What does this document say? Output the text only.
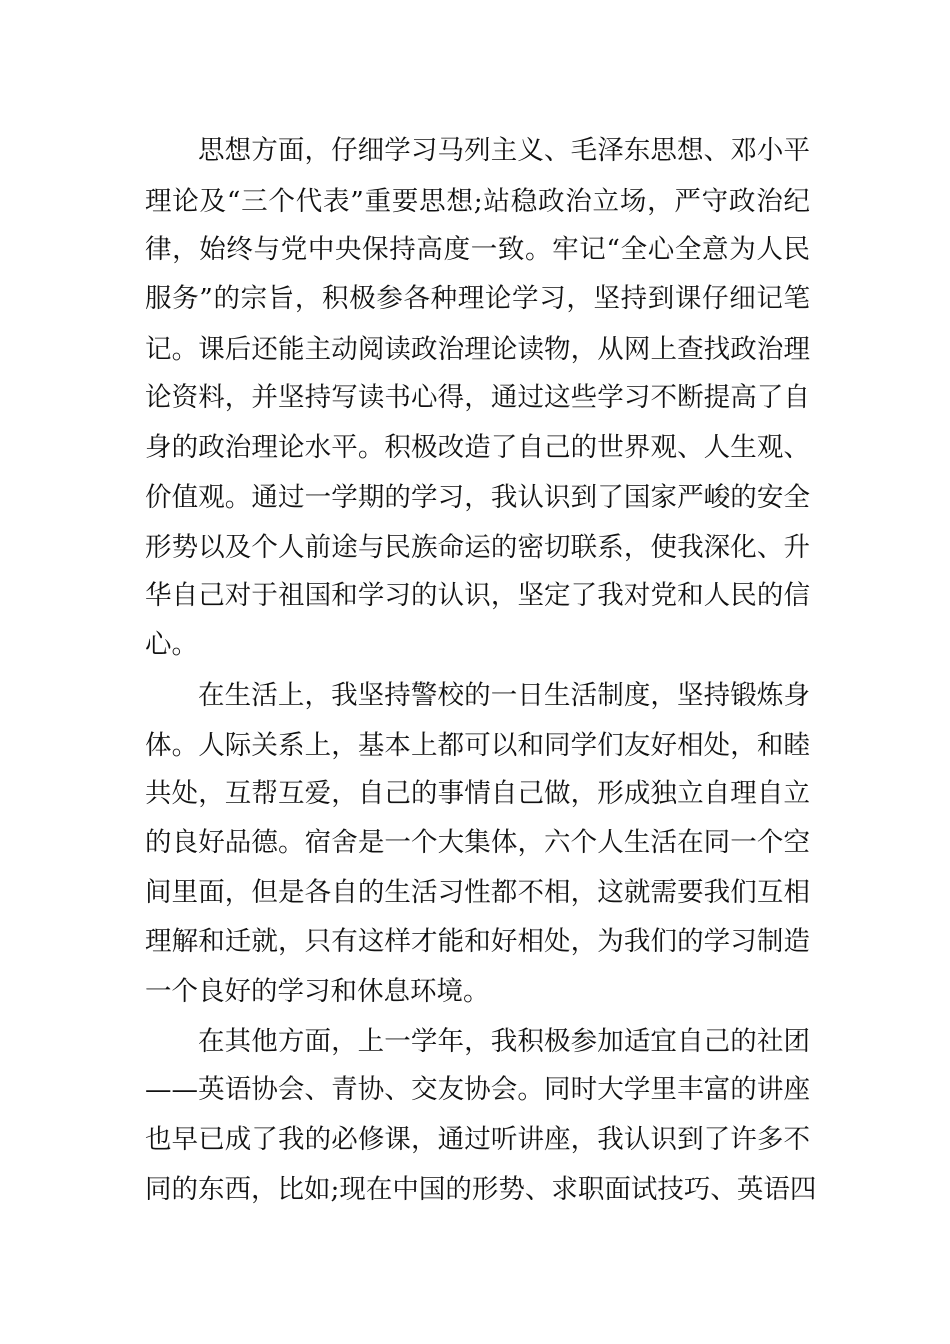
思想方面，仔细学习马列主义、毛泽东思想、邓小平
理论及“三个代表”重要思想;站稳政治立场，严守政治纪
律，始终与党中央保持高度一致。牢记“全心全意为人民
服务”的宗旨，积极参各种理论学习，坚持到课仔细记笔
记。课后还能主动阅读政治理论读物，从网上查找政治理
论资料，并坚持写读书心得，通过这些学习不断提高了自
身的政治理论水平。积极改造了自己的世界观、人生观、
价值观。通过一学期的学习，我认识到了国家严峻的安全
形势以及个人前途与民族命运的密切联系，使我深化、升
华自己对于祖国和学习的认识，坚定了我对党和人民的信
心。
在生活上，我坚持警校的一日生活制度，坚持锻炼身
体。人际关系上，基本上都可以和同学们友好相处，和睦
共处，互帮互爱，自己的事情自己做，形成独立自理自立
的良好品德。宿舍是一个大集体，六个人生活在同一个空
间里面，但是各自的生活习性都不相，这就需要我们互相
理解和迁就，只有这样才能和好相处，为我们的学习制造
一个良好的学习和休息环境。
在其他方面，上一学年，我积极参加适宜自己的社团
——英语协会、青协、交友协会。同时大学里丰富的讲座
也早已成了我的必修课，通过听讲座，我认识到了许多不
同的东西，比如;现在中国的形势、求职面试技巧、英语四
